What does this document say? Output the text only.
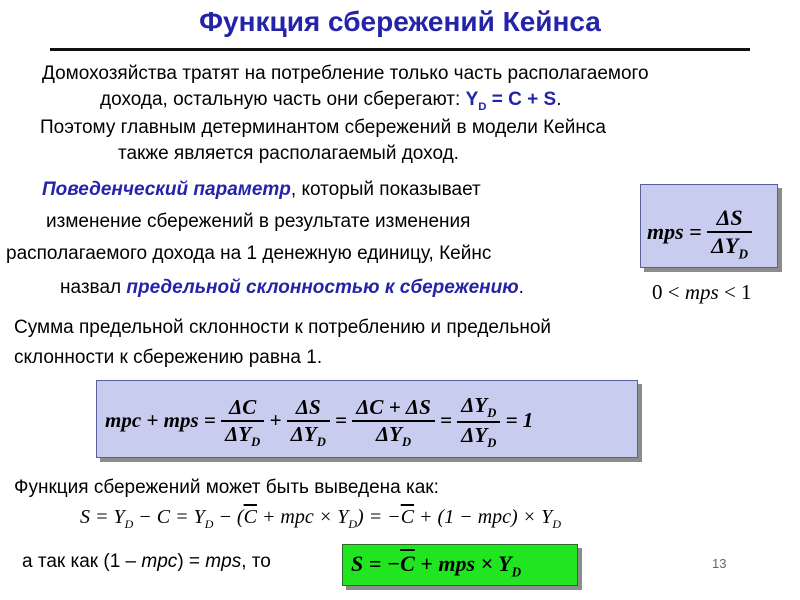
Функция сбережений Кейнса
Домохозяйства тратят на потребление только часть располагаемого
дохода, остальную часть они сберегают: $Y_D = C + S$.
Поэтому главным детерминантом сбережений в модели Кейнса
также является располагаемый доход.
Поведенческий параметр, который показывает
изменение сбережений в результате изменения
располагаемого дохода на 1 денежную единицу, Кейнс
назвал предельной склонностью к сбережению.
mps = $\frac{\Delta S}{\Delta Y_D}$
0 < mps < 1
Сумма предельной склонности к потреблению и предельной
склонности к сбережению равна 1.
mpc + mps = $\frac{\Delta C}{\Delta Y_D} + \frac{\Delta S}{\Delta Y_D} = \frac{\Delta C + \Delta S}{\Delta Y_D} = \frac{\Delta Y_D}{\Delta Y_D} = 1$
Функция сбережений может быть выведена как:
$S = Y_D - C = Y_D - (\overline{C}$ + mpc × $Y_D) = -\overline{C} + (1 - mpc) \times Y_D$
а так как (1 – mpc) = mps, то	$S = -\overline{C}$ + mps × $Y_D$
13
